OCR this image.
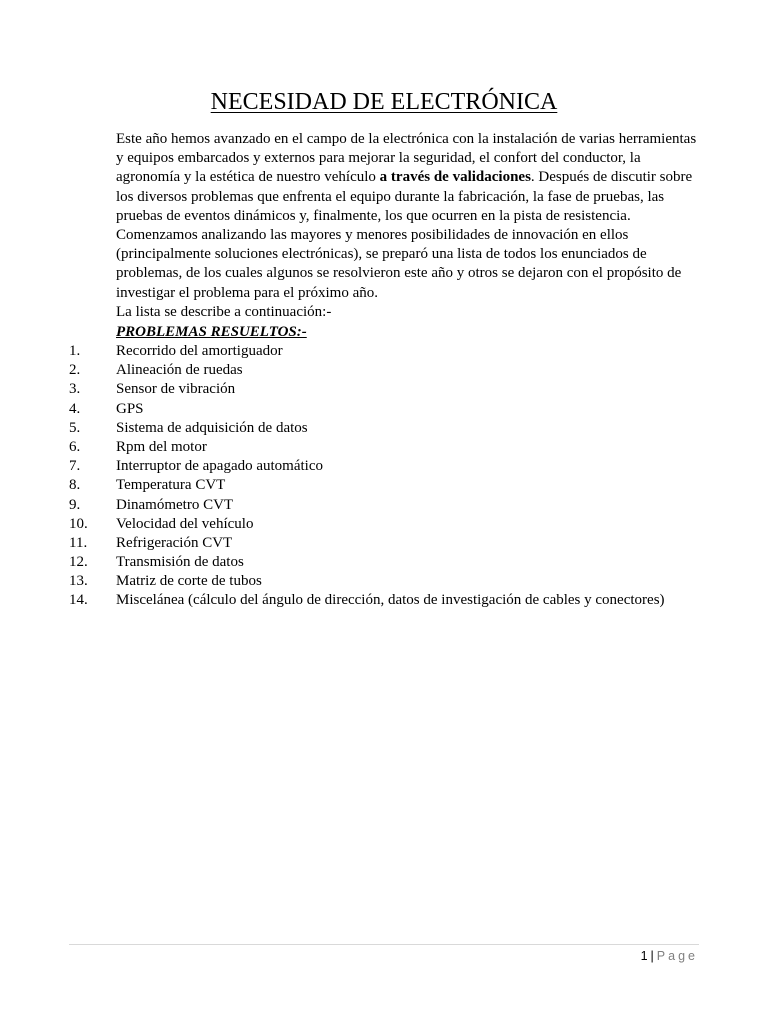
NECESIDAD DE ELECTRÓNICA

Este año hemos avanzado en el campo de la electrónica con la instalación de varias herramientas y equipos embarcados y externos para mejorar la seguridad, el confort del conductor, la agronomía y la estética de nuestro vehículo a través de validaciones. Después de discutir sobre los diversos problemas que enfrenta el equipo durante la fabricación, la fase de pruebas, las pruebas de eventos dinámicos y, finalmente, los que ocurren en la pista de resistencia. Comenzamos analizando las mayores y menores posibilidades de innovación en ellos (principalmente soluciones electrónicas), se preparó una lista de todos los enunciados de problemas, de los cuales algunos se resolvieron este año y otros se dejaron con el propósito de investigar el problema para el próximo año.

La lista se describe a continuación:-

PROBLEMAS RESUELTOS:-
1. Recorrido del amortiguador
2. Alineación de ruedas
3. Sensor de vibración
4. GPS
5. Sistema de adquisición de datos
6. Rpm del motor
7. Interruptor de apagado automático
8. Temperatura CVT
9. Dinamómetro CVT
10. Velocidad del vehículo
11. Refrigeración CVT
12. Transmisión de datos
13. Matriz de corte de tubos
14. Miscelánea (cálculo del ángulo de dirección, datos de investigación de cables y conectores)
1 | Page
